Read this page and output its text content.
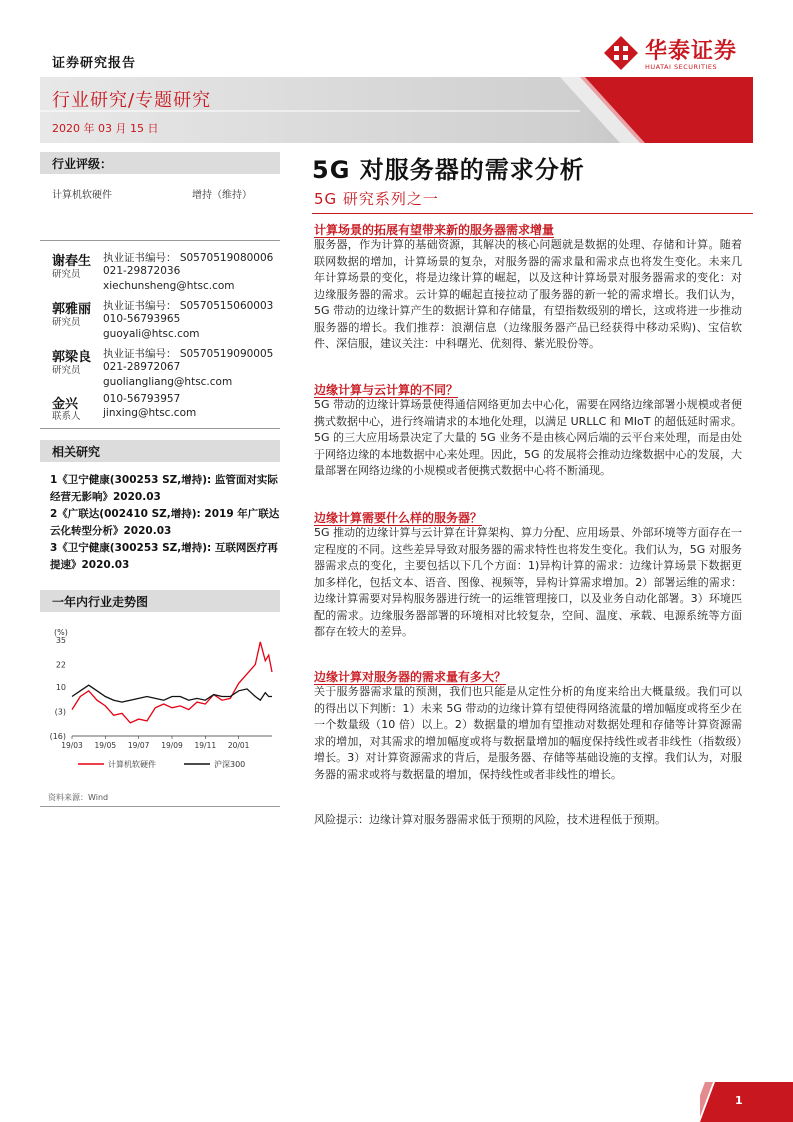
证券研究报告
行业研究/专题研究
2020 年 03 月 15 日
华泰证券
HUATAI SECURITIES
行业评级：
计算机软硬件	增持（维持）
谢春生
研究员
执业证书编号： S0570519080006
021-29872036
xiechunsheng@htsc.com
郭雅丽
研究员
执业证书编号： S0570515060003
010-56793965
guoyali@htsc.com
郭梁良
研究员
执业证书编号： S0570519090005
021-28972067
guoliangliang@htsc.com
金兴
联系人
010-56793957
jinxing@htsc.com
相关研究
1《卫宁健康(300253 SZ,增持): 监管面对实际经营无影响》2020.03
2《广联达(002410 SZ,增持): 2019 年广联达云化转型分析》2020.03
3《卫宁健康(300253 SZ,增持): 互联网医疗再提速》2020.03
一年内行业走势图
(%)
35
22
10
(3)
(16)
19/03 19/05 19/07 19/09 19/11 20/01
计算机软硬件	沪深300
资料来源：Wind
5G 对服务器的需求分析
5G 研究系列之一
计算场景的拓展有望带来新的服务器需求增量
服务器，作为计算的基础资源，其解决的核心问题就是数据的处理、存储和计算。随着联网数据的增加，计算场景的复杂，对服务器的需求量和需求点也将发生变化。未来几年计算场景的变化，将是边缘计算的崛起，以及这种计算场景对服务器需求的变化：对边缘服务器的需求。云计算的崛起直接拉动了服务器的新一轮的需求增长。我们认为，5G 带动的边缘计算产生的数据计算和存储量，有望指数级别的增长，这或将进一步推动服务器的增长。我们推荐：浪潮信息（边缘服务器产品已经获得中移动采购)、宝信软件、深信服，建议关注：中科曙光、优刻得、紫光股份等。
边缘计算与云计算的不同？
5G 带动的边缘计算场景使得通信网络更加去中心化，需要在网络边缘部署小规模或者便携式数据中心，进行终端请求的本地化处理，以满足 URLLC 和 MIoT 的超低延时需求。5G 的三大应用场景决定了大量的 5G 业务不是由核心网后端的云平台来处理，而是由处于网络边缘的本地数据中心来处理。因此，5G 的发展将会推动边缘数据中心的发展，大量部署在网络边缘的小规模或者便携式数据中心将不断涌现。
边缘计算需要什么样的服务器？
5G 推动的边缘计算与云计算在计算架构、算力分配、应用场景、外部环境等方面存在一定程度的不同。这些差异导致对服务器的需求特性也将发生变化。我们认为，5G 对服务器需求点的变化，主要包括以下几个方面：1)异构计算的需求：边缘计算场景下数据更加多样化，包括文本、语音、图像、视频等，异构计算需求增加。2）部署运维的需求：边缘计算需要对异构服务器进行统一的运维管理接口，以及业务自动化部署。3）环境匹配的需求。边缘服务器部署的环境相对比较复杂，空间、温度、承载、电源系统等方面都存在较大的差异。
边缘计算对服务器的需求量有多大？
关于服务器需求量的预测，我们也只能是从定性分析的角度来给出大概量级。我们可以的得出以下判断：1）未来 5G 带动的边缘计算有望使得网络流量的增加幅度或将至少在一个数量级（10 倍）以上。2）数据量的增加有望推动对数据处理和存储等计算资源需求的增加，对其需求的增加幅度或将与数据量增加的幅度保持线性或者非线性（指数级）增长。3）对计算资源需求的背后，是服务器、存储等基础设施的支撑。我们认为，对服务器的需求或将与数据量的增加，保持线性或者非线性的增长。
风险提示：边缘计算对服务器需求低于预期的风险，技术进程低于预期。
1
